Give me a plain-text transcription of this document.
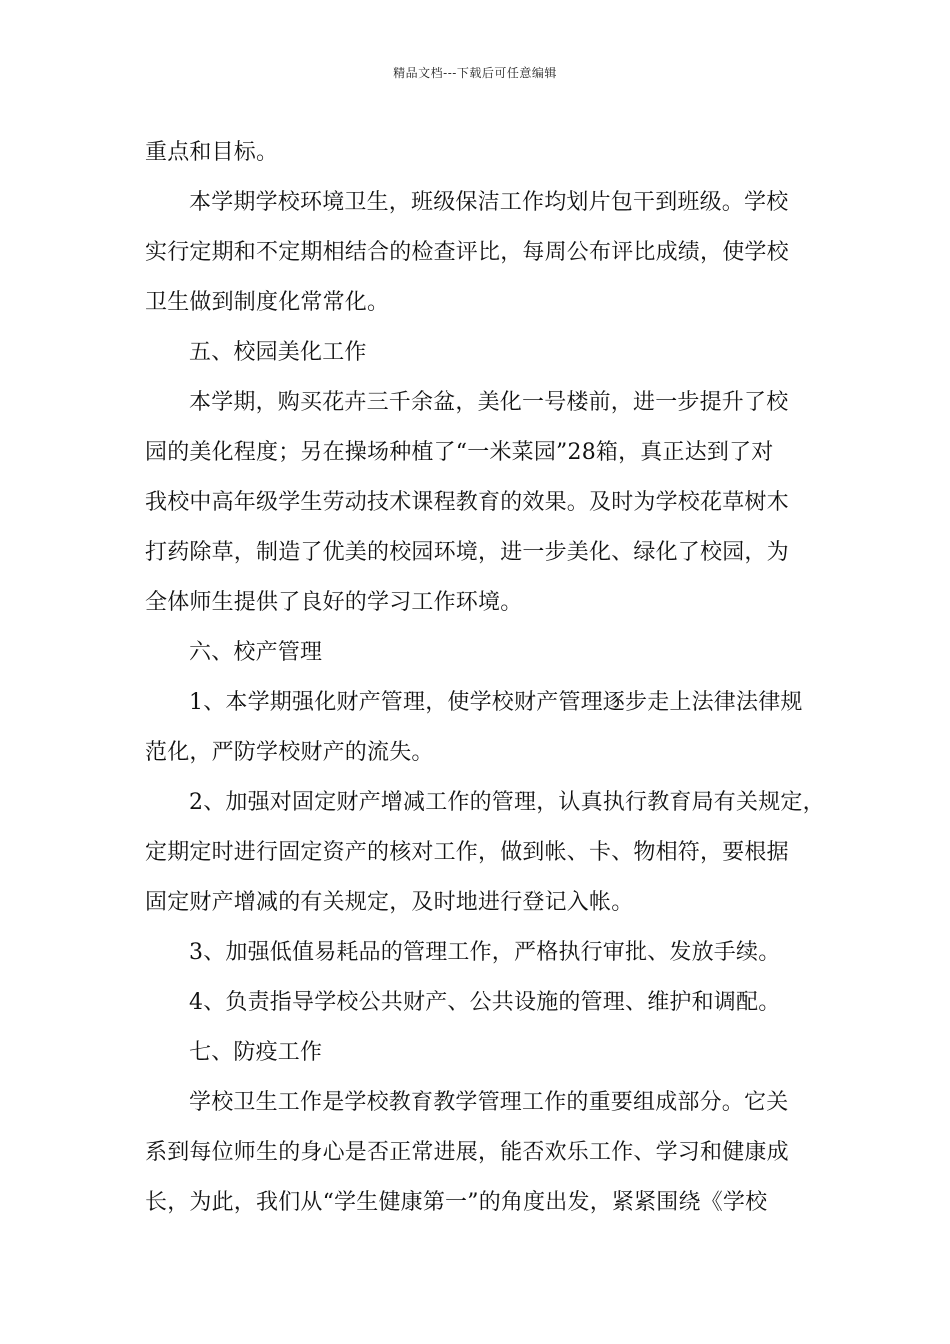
精品文档---下载后可任意编辑
重点和目标。
本学期学校环境卫生，班级保洁工作均划片包干到班级。学校
实行定期和不定期相结合的检查评比，每周公布评比成绩，使学校
卫生做到制度化常常化。
五、校园美化工作
本学期，购买花卉三千余盆，美化一号楼前，进一步提升了校
园的美化程度；另在操场种植了“一米菜园”28箱，真正达到了对
我校中高年级学生劳动技术课程教育的效果。及时为学校花草树木
打药除草，制造了优美的校园环境，进一步美化、绿化了校园，为
全体师生提供了良好的学习工作环境。
六、校产管理
1、本学期强化财产管理，使学校财产管理逐步走上法律法律规
范化，严防学校财产的流失。
2、加强对固定财产增减工作的管理，认真执行教育局有关规定，
定期定时进行固定资产的核对工作，做到帐、卡、物相符，要根据
固定财产增减的有关规定，及时地进行登记入帐。
3、加强低值易耗品的管理工作，严格执行审批、发放手续。
4、负责指导学校公共财产、公共设施的管理、维护和调配。
七、防疫工作
学校卫生工作是学校教育教学管理工作的重要组成部分。它关
系到每位师生的身心是否正常进展，能否欢乐工作、学习和健康成
长，为此，我们从“学生健康第一”的角度出发，紧紧围绕《学校
